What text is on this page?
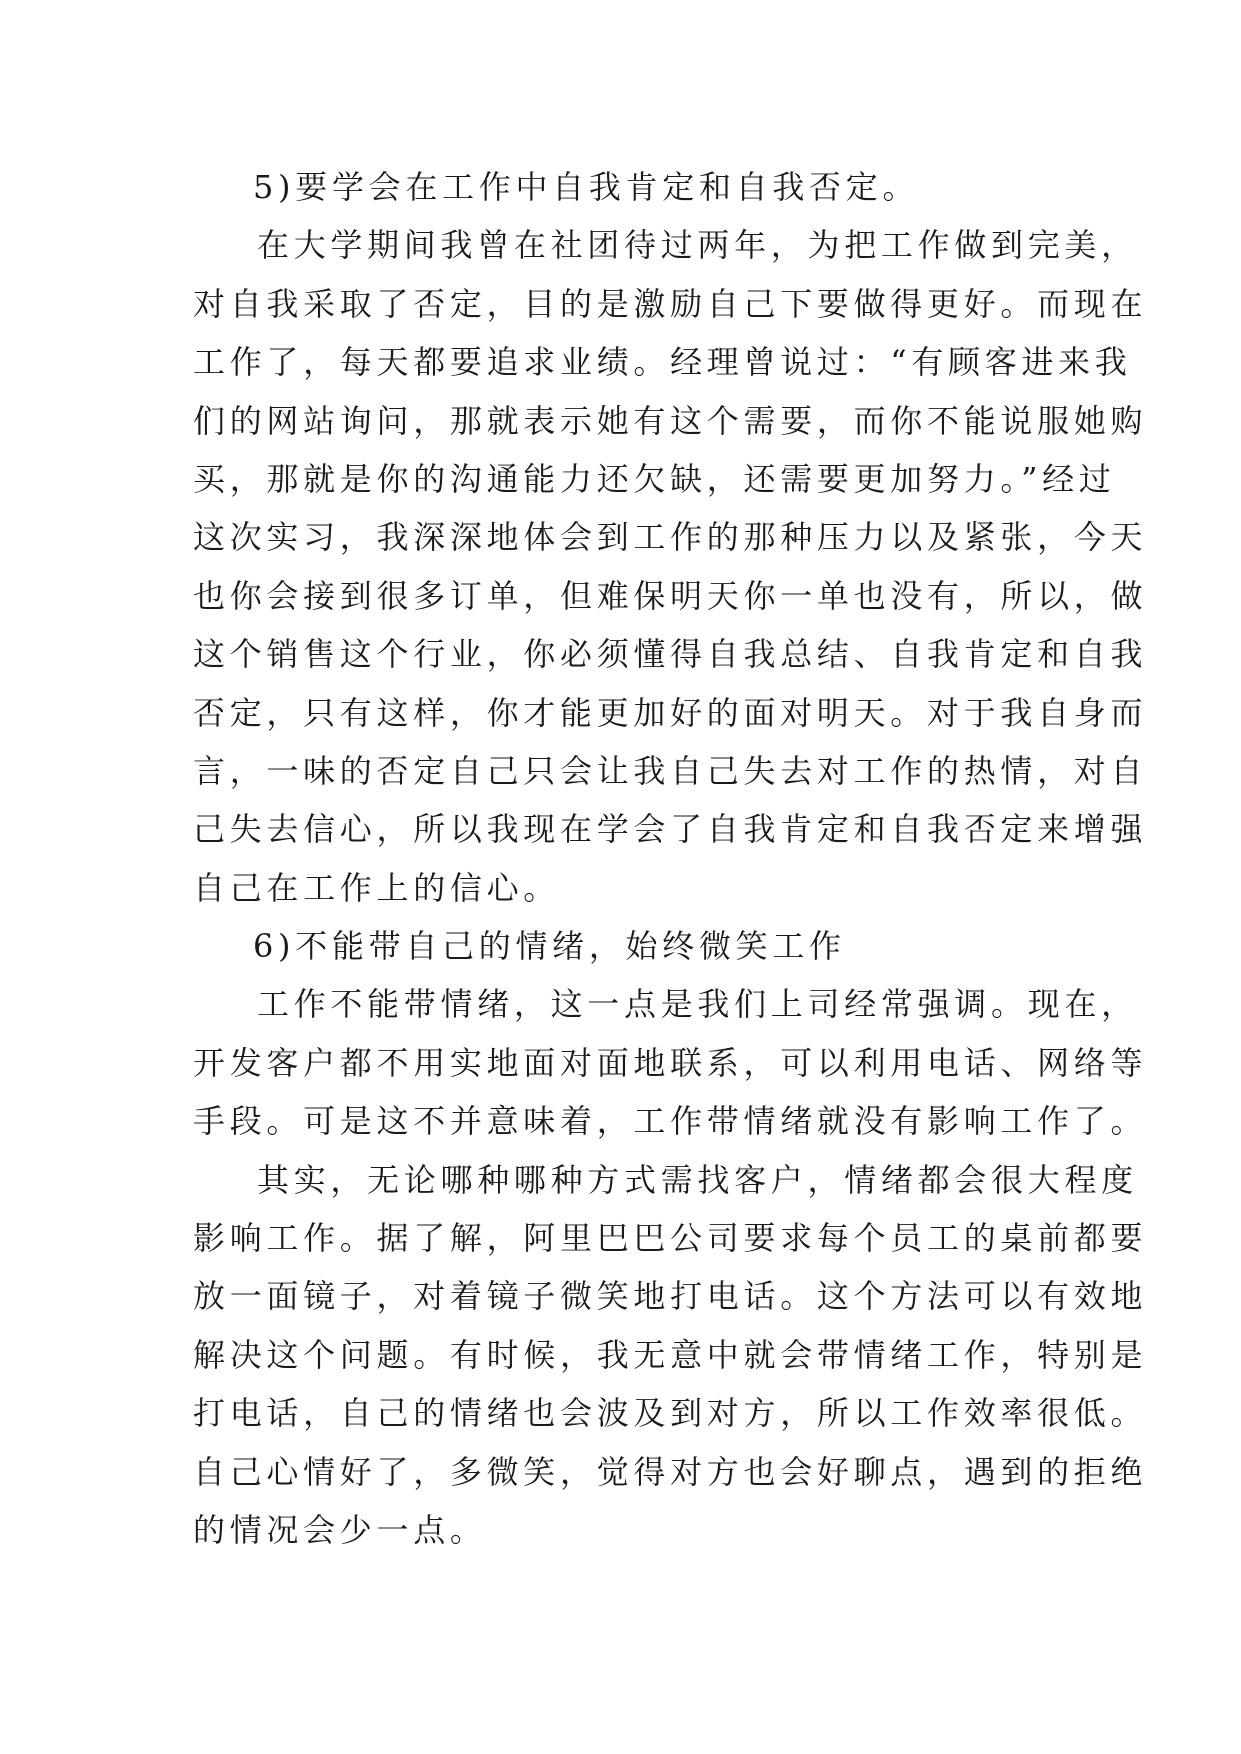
5)要学会在工作中自我肯定和自我否定。
在大学期间我曾在社团待过两年，为把工作做到完美，
对自我采取了否定，目的是激励自己下要做得更好。而现在
工作了，每天都要追求业绩。经理曾说过：“有顾客进来我
们的网站询问，那就表示她有这个需要，而你不能说服她购
买，那就是你的沟通能力还欠缺，还需要更加努力。”经过
这次实习，我深深地体会到工作的那种压力以及紧张，今天
也你会接到很多订单，但难保明天你一单也没有，所以，做
这个销售这个行业，你必须懂得自我总结、自我肯定和自我
否定，只有这样，你才能更加好的面对明天。对于我自身而
言，一味的否定自己只会让我自己失去对工作的热情，对自
己失去信心，所以我现在学会了自我肯定和自我否定来增强
自己在工作上的信心。
6)不能带自己的情绪，始终微笑工作
工作不能带情绪，这一点是我们上司经常强调。现在，
开发客户都不用实地面对面地联系，可以利用电话、网络等
手段。可是这不并意味着，工作带情绪就没有影响工作了。
其实，无论哪种哪种方式需找客户，情绪都会很大程度
影响工作。据了解，阿里巴巴公司要求每个员工的桌前都要
放一面镜子，对着镜子微笑地打电话。这个方法可以有效地
解决这个问题。有时候，我无意中就会带情绪工作，特别是
打电话，自己的情绪也会波及到对方，所以工作效率很低。
自己心情好了，多微笑，觉得对方也会好聊点，遇到的拒绝
的情况会少一点。
